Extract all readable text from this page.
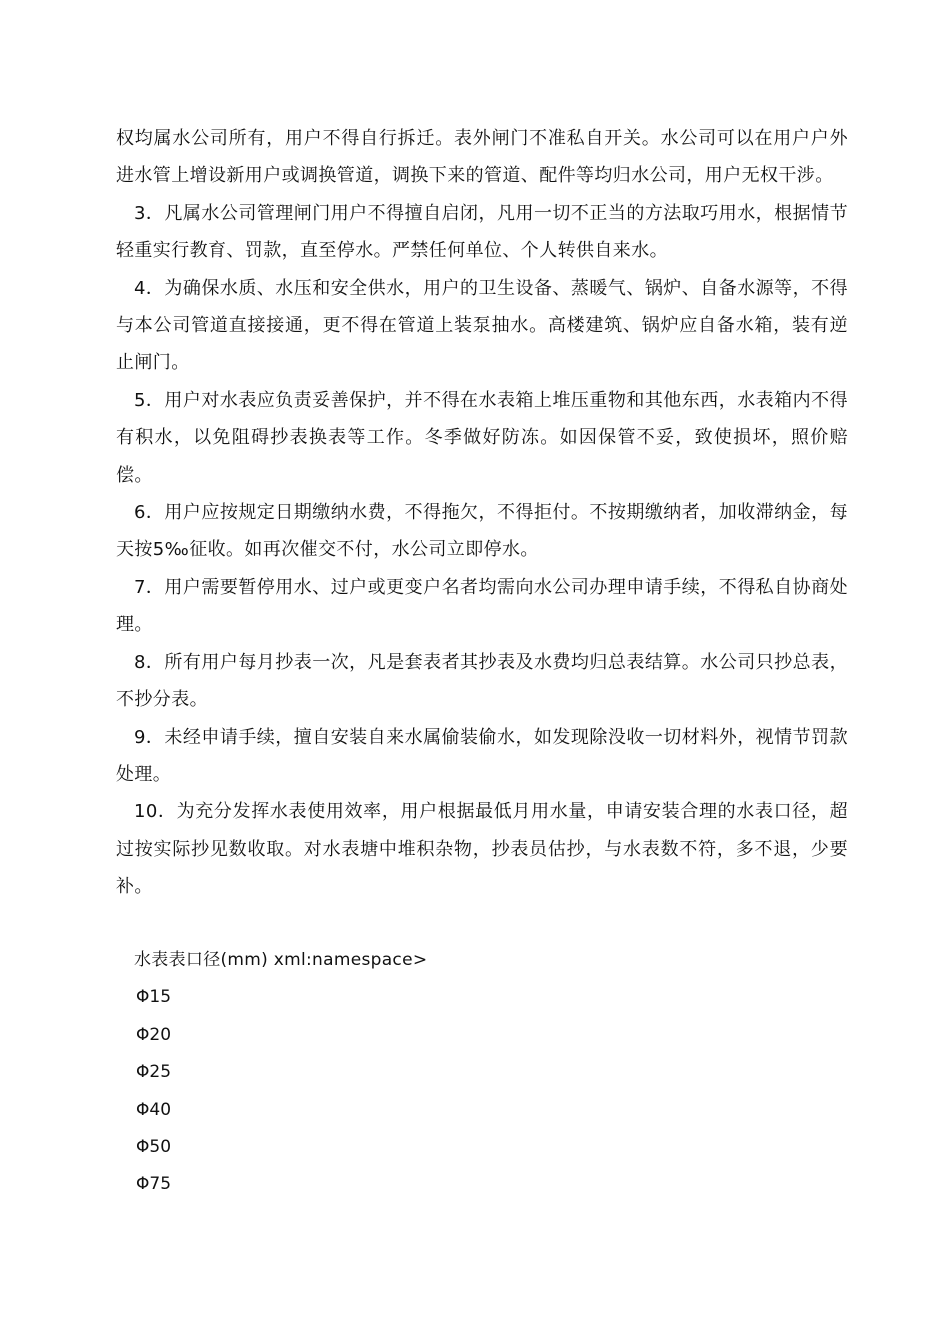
权均属水公司所有，用户不得自行拆迁。表外闸门不准私自开关。水公司可以在用户户外进水管上增设新用户或调换管道，调换下来的管道、配件等均归水公司，用户无权干涉。

3．凡属水公司管理闸门用户不得擅自启闭，凡用一切不正当的方法取巧用水，根据情节轻重实行教育、罚款，直至停水。严禁任何单位、个人转供自来水。

4．为确保水质、水压和安全供水，用户的卫生设备、蒸暖气、锅炉、自备水源等，不得与本公司管道直接接通，更不得在管道上装泵抽水。高楼建筑、锅炉应自备水箱，装有逆止闸门。

5．用户对水表应负责妥善保护，并不得在水表箱上堆压重物和其他东西，水表箱内不得有积水，以免阻碍抄表换表等工作。冬季做好防冻。如因保管不妥，致使损坏，照价赔偿。

6．用户应按规定日期缴纳水费，不得拖欠，不得拒付。不按期缴纳者，加收滞纳金，每天按5‰征收。如再次催交不付，水公司立即停水。

7．用户需要暂停用水、过户或更变户名者均需向水公司办理申请手续，不得私自协商处理。

8．所有用户每月抄表一次，凡是套表者其抄表及水费均归总表结算。水公司只抄总表，不抄分表。

9．未经申请手续，擅自安装自来水属偷装偷水，如发现除没收一切材料外，视情节罚款处理。

10．为充分发挥水表使用效率，用户根据最低月用水量，申请安装合理的水表口径，超过按实际抄见数收取。对水表塘中堆积杂物，抄表员估抄，与水表数不符，多不退，少要补。

水表表口径(mm) xml:namespace>

Φ15
Φ20
Φ25
Φ40
Φ50
Φ75
